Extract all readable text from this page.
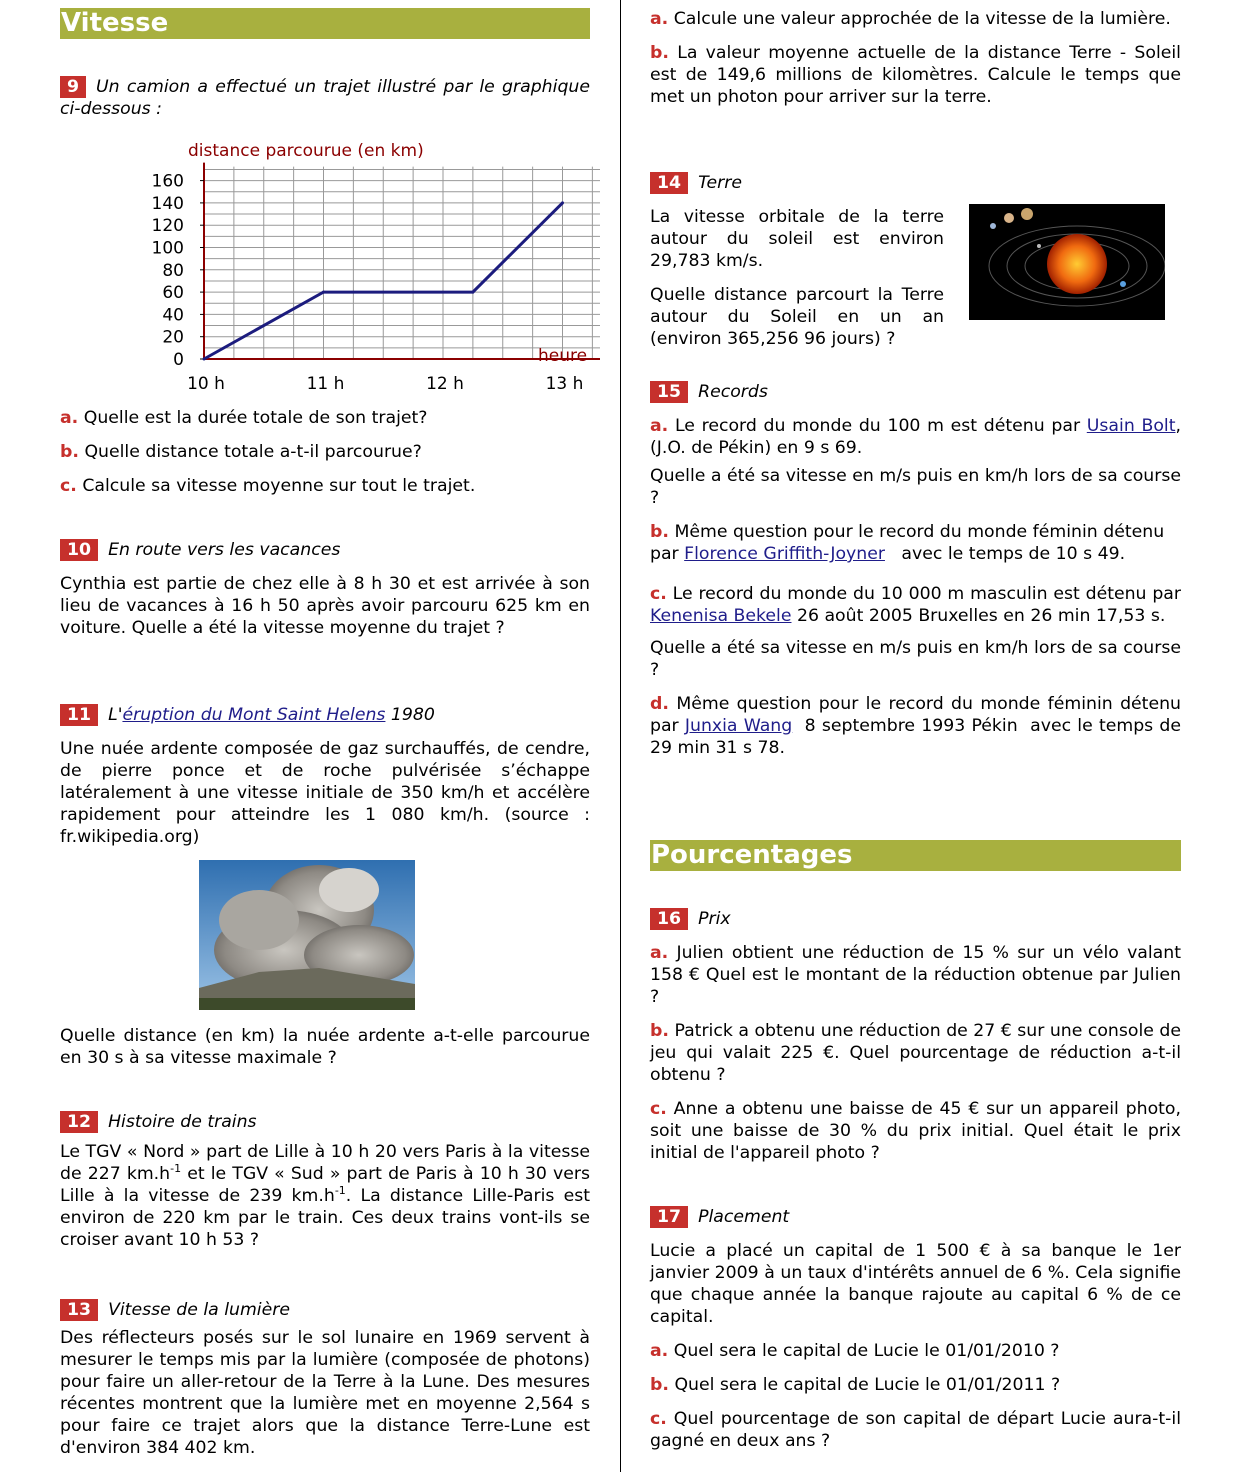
Vitesse

9 Un camion a effectué un trajet illustré par le graphique ci-dessous :

0
20
40
60
80
100
120
140
160
10 h	11 h	12 h	13 h
distance parcourue (en km)
heure

a. Quelle est la durée totale de son trajet?

b. Quelle distance totale a-t-il parcourue?

c. Calcule sa vitesse moyenne sur tout le trajet.

10 En route vers les vacances

Cynthia est partie de chez elle à 8 h 30 et est arrivée à son lieu de vacances à 16 h 50 après avoir parcouru 625 km en voiture. Quelle a été la vitesse moyenne du trajet ?

11 L'éruption du Mont Saint Helens 1980

Une nuée ardente composée de gaz surchauffés, de cendre, de pierre ponce et de roche pulvérisée s’échappe latéralement à une vitesse initiale de 350 km/h et accélère rapidement pour atteindre les 1 080 km/h. (source : fr.wikipedia.org)

Quelle distance (en km) la nuée ardente a-t-elle parcourue en 30 s à sa vitesse maximale ?

12 Histoire de trains

Le TGV « Nord » part de Lille à 10 h 20 vers Paris à la vitesse de 227 $km.h^{-1}$ et le TGV « Sud » part de Paris à 10 h 30 vers Lille à la vitesse de 239 $km.h^{-1}$. La distance Lille-Paris est environ de 220 km par le train. Ces deux trains vont-ils se croiser avant 10 h 53 ?

13 Vitesse de la lumière

Des réflecteurs posés sur le sol lunaire en 1969 servent à mesurer le temps mis par la lumière (composée de photons) pour faire un aller-retour de la Terre à la Lune. Des mesures récentes montrent que la lumière met en moyenne 2,564 s pour faire ce trajet alors que la distance Terre-Lune est d'environ 384 402 km.

a. Calcule une valeur approchée de la vitesse de la lumière.

b. La valeur moyenne actuelle de la distance Terre - Soleil est de 149,6 millions de kilomètres. Calcule le temps que met un photon pour arriver sur la terre.

14 Terre

La vitesse orbitale de la terre autour du soleil est environ 29,783 km/s.

Quelle distance parcourt la Terre autour du Soleil en un an (environ 365,256 96 jours) ?

15 Records

a. Le record du monde du 100 m est détenu par Usain Bolt, (J.O. de Pékin) en 9 s 69.

Quelle a été sa vitesse en m/s puis en km/h lors de sa course ?

b. Même question pour le record du monde féminin détenu par Florence Griffith-Joyner   avec le temps de 10 s 49.

c. Le record du monde du 10 000 m masculin est détenu par Kenenisa Bekele 26 août 2005 Bruxelles en 26 min 17,53 s.

Quelle a été sa vitesse en m/s puis en km/h lors de sa course ?

d. Même question pour le record du monde féminin détenu par Junxia Wang  8 septembre 1993 Pékin  avec le temps de 29 min 31 s 78.

Pourcentages

16 Prix

a. Julien obtient une réduction de 15 % sur un vélo valant 158 € Quel est le montant de la réduction obtenue par Julien ?

b. Patrick a obtenu une réduction de 27 € sur une console de jeu qui valait 225 €. Quel pourcentage de réduction a-t-il obtenu ?

c. Anne a obtenu une baisse de 45 € sur un appareil photo, soit une baisse de 30 % du prix initial. Quel était le prix initial de l'appareil photo ?

17 Placement

Lucie a placé un capital de 1 500 € à sa banque le 1er janvier 2009 à un taux d'intérêts annuel de 6 %. Cela signifie que chaque année la banque rajoute au capital 6 % de ce capital.

a. Quel sera le capital de Lucie le 01/01/2010 ?

b. Quel sera le capital de Lucie le 01/01/2011 ?

c. Quel pourcentage de son capital de départ Lucie aura-t-il gagné en deux ans ?
